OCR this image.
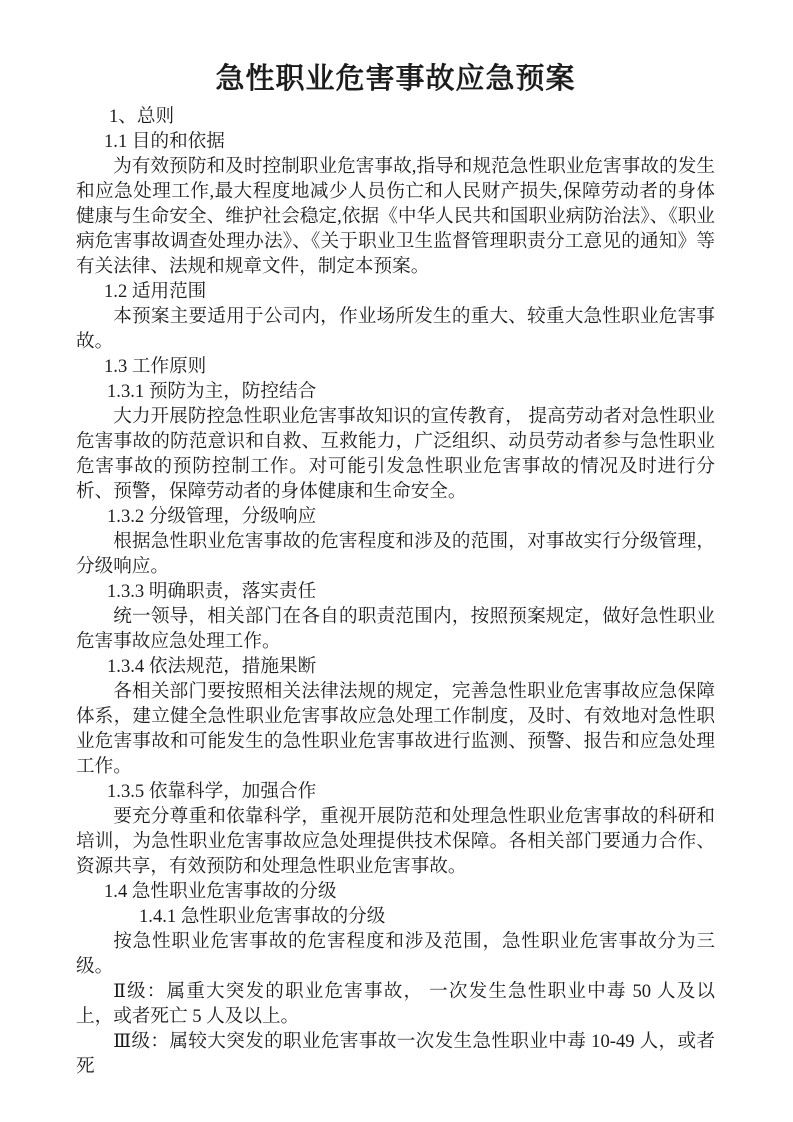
急性职业危害事故应急预案

1、总则

1.1 目的和依据

为有效预防和及时控制职业危害事故,指导和规范急性职业危害事故的发生和应急处理工作,最大程度地减少人员伤亡和人民财产损失,保障劳动者的身体健康与生命安全、维护社会稳定,依据《中华人民共和国职业病防治法》、《职业病危害事故调查处理办法》、《关于职业卫生监督管理职责分工意见的通知》等有关法律、法规和规章文件，制定本预案。

1.2 适用范围

本预案主要适用于公司内，作业场所发生的重大、较重大急性职业危害事故。

1.3 工作原则

1.3.1 预防为主，防控结合

大力开展防控急性职业危害事故知识的宣传教育， 提高劳动者对急性职业危害事故的防范意识和自救、互救能力，广泛组织、动员劳动者参与急性职业危害事故的预防控制工作。对可能引发急性职业危害事故的情况及时进行分析、预警，保障劳动者的身体健康和生命安全。

1.3.2 分级管理，分级响应

根据急性职业危害事故的危害程度和涉及的范围，对事故实行分级管理，分级响应。

1.3.3 明确职责，落实责任

统一领导，相关部门在各自的职责范围内，按照预案规定，做好急性职业危害事故应急处理工作。

1.3.4 依法规范，措施果断

各相关部门要按照相关法律法规的规定，完善急性职业危害事故应急保障体系，建立健全急性职业危害事故应急处理工作制度，及时、有效地对急性职业危害事故和可能发生的急性职业危害事故进行监测、预警、报告和应急处理工作。

1.3.5 依靠科学，加强合作

要充分尊重和依靠科学，重视开展防范和处理急性职业危害事故的科研和培训，为急性职业危害事故应急处理提供技术保障。各相关部门要通力合作、资源共享，有效预防和处理急性职业危害事故。

1.4 急性职业危害事故的分级

1.4.1 急性职业危害事故的分级

按急性职业危害事故的危害程度和涉及范围，急性职业危害事故分为三级。

Ⅱ级：属重大突发的职业危害事故， 一次发生急性职业中毒 50 人及以上，或者死亡 5 人及以上。

Ⅲ级：属较大突发的职业危害事故一次发生急性职业中毒 10-49 人，或者死
